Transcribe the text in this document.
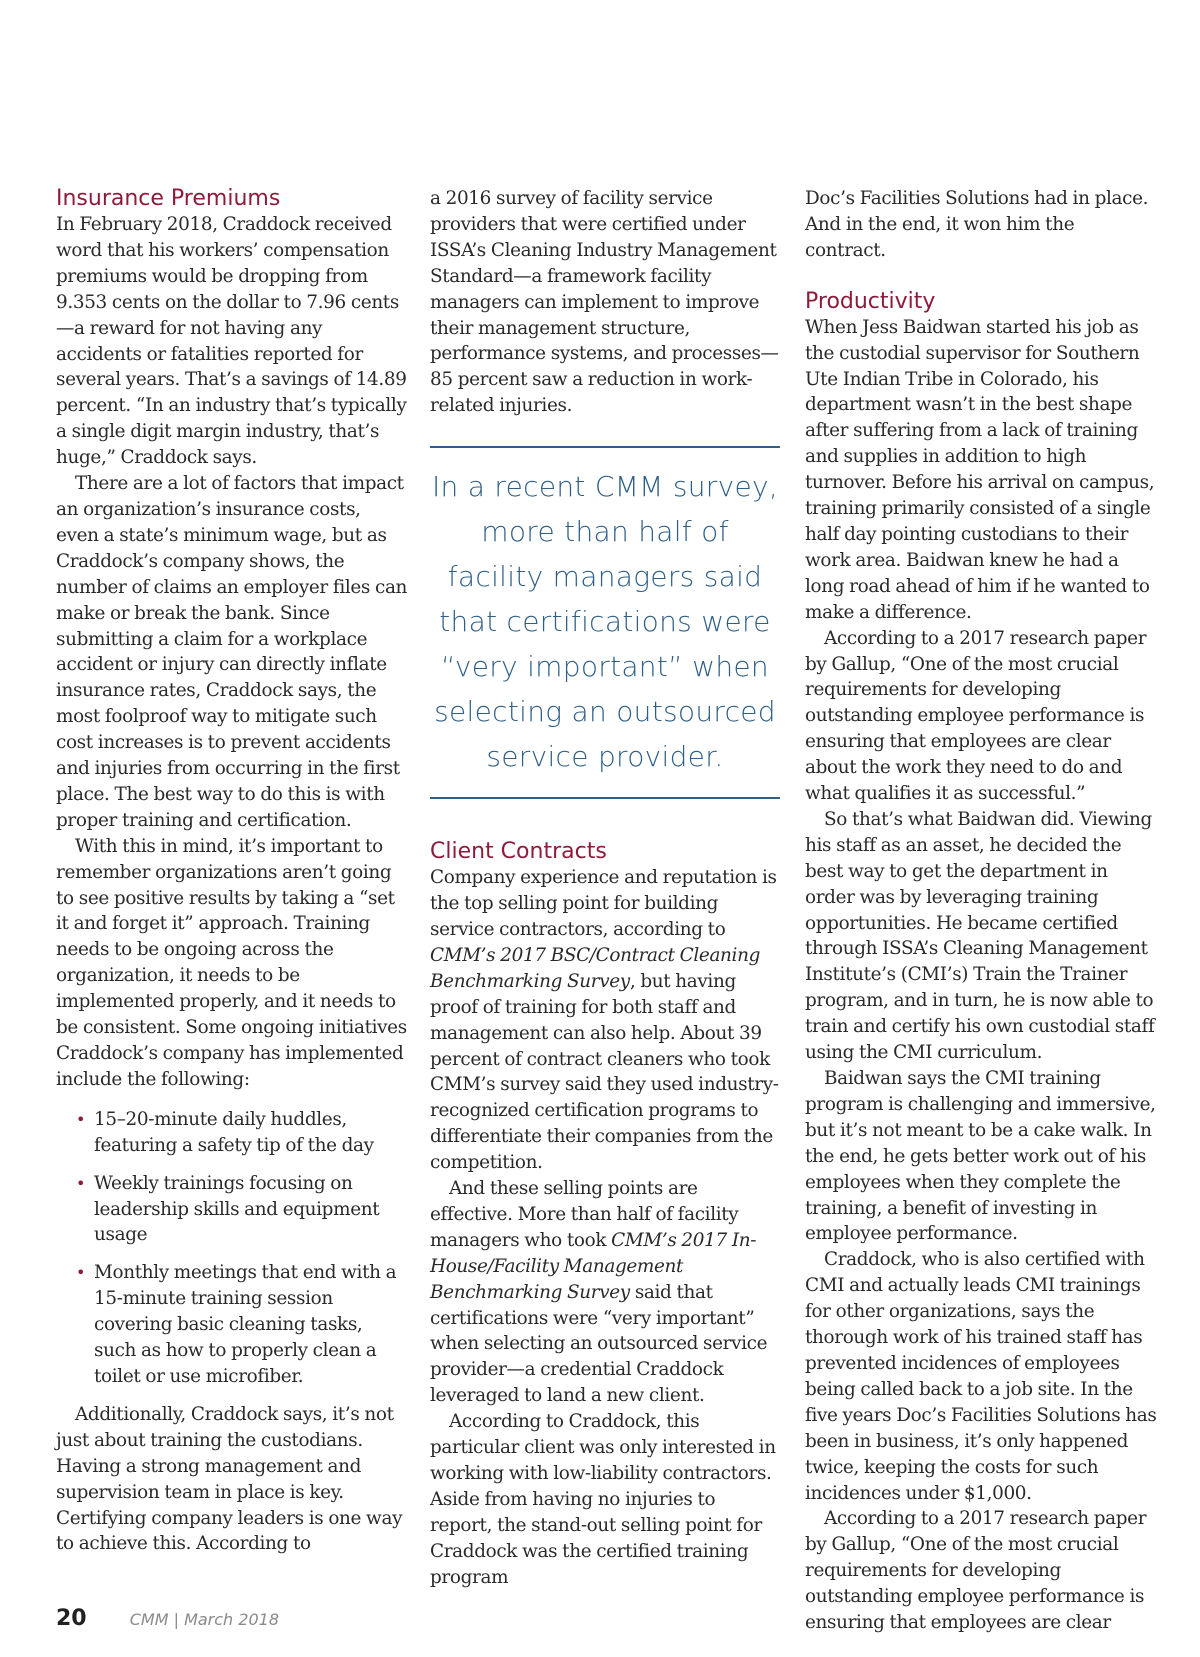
Insurance Premiums

In February 2018, Craddock received word that his workers’ compensation premiums would be dropping from 9.353 cents on the dollar to 7.96 cents—a reward for not having any accidents or fatalities reported for several years. That’s a savings of 14.89 percent. “In an industry that’s typically a single digit margin industry, that’s huge,” Craddock says.

There are a lot of factors that impact an organization’s insurance costs, even a state’s minimum wage, but as Craddock’s company shows, the number of claims an employer files can make or break the bank. Since submitting a claim for a workplace accident or injury can directly inflate insurance rates, Craddock says, the most foolproof way to mitigate such cost increases is to prevent accidents and injuries from occurring in the first place. The best way to do this is with proper training and certification.

With this in mind, it’s important to remember organizations aren’t going to see positive results by taking a “set it and forget it” approach. Training needs to be ongoing across the organization, it needs to be implemented properly, and it needs to be consistent. Some ongoing initiatives Craddock’s company has implemented include the following:

• 15–20-minute daily huddles, featuring a safety tip of the day
• Weekly trainings focusing on leadership skills and equipment usage
• Monthly meetings that end with a 15-minute training session covering basic cleaning tasks, such as how to properly clean a toilet or use microfiber.

Additionally, Craddock says, it’s not just about training the custodians. Having a strong management and supervision team in place is key. Certifying company leaders is one way to achieve this. According to

a 2016 survey of facility service providers that were certified under ISSA’s Cleaning Industry Management Standard—a framework facility managers can implement to improve their management structure, performance systems, and processes—85 percent saw a reduction in work-related injuries.

In a recent CMM survey, more than half of facility managers said that certifications were “very important” when selecting an outsourced service provider.
Client Contracts

Company experience and reputation is the top selling point for building service contractors, according to CMM’s 2017 BSC/Contract Cleaning Benchmarking Survey, but having proof of training for both staff and management can also help. About 39 percent of contract cleaners who took CMM’s survey said they used industry-recognized certification programs to differentiate their companies from the competition.

And these selling points are effective. More than half of facility managers who took CMM’s 2017 In-House/Facility Management Benchmarking Survey said that certifications were “very important” when selecting an outsourced service provider—a credential Craddock leveraged to land a new client.

According to Craddock, this particular client was only interested in working with low-liability contractors. Aside from having no injuries to report, the stand-out selling point for Craddock was the certified training program

Doc’s Facilities Solutions had in place. And in the end, it won him the contract.

Productivity

When Jess Baidwan started his job as the custodial supervisor for Southern Ute Indian Tribe in Colorado, his department wasn’t in the best shape after suffering from a lack of training and supplies in addition to high turnover. Before his arrival on campus, training primarily consisted of a single half day pointing custodians to their work area. Baidwan knew he had a long road ahead of him if he wanted to make a difference.

According to a 2017 research paper by Gallup, “One of the most crucial requirements for developing outstanding employee performance is ensuring that employees are clear about the work they need to do and what qualifies it as successful.”

So that’s what Baidwan did. Viewing his staff as an asset, he decided the best way to get the department in order was by leveraging training opportunities. He became certified through ISSA’s Cleaning Management Institute’s (CMI’s) Train the Trainer program, and in turn, he is now able to train and certify his own custodial staff using the CMI curriculum.

Baidwan says the CMI training program is challenging and immersive, but it’s not meant to be a cake walk. In the end, he gets better work out of his employees when they complete the training, a benefit of investing in employee performance.

Craddock, who is also certified with CMI and actually leads CMI trainings for other organizations, says the thorough work of his trained staff has prevented incidences of employees being called back to a job site. In the five years Doc’s Facilities Solutions has been in business, it’s only happened twice, keeping the costs for such incidences under $1,000.

According to a 2017 research paper by Gallup, “One of the most crucial requirements for developing outstanding employee performance is ensuring that employees are clear

20	CMM | March 2018
